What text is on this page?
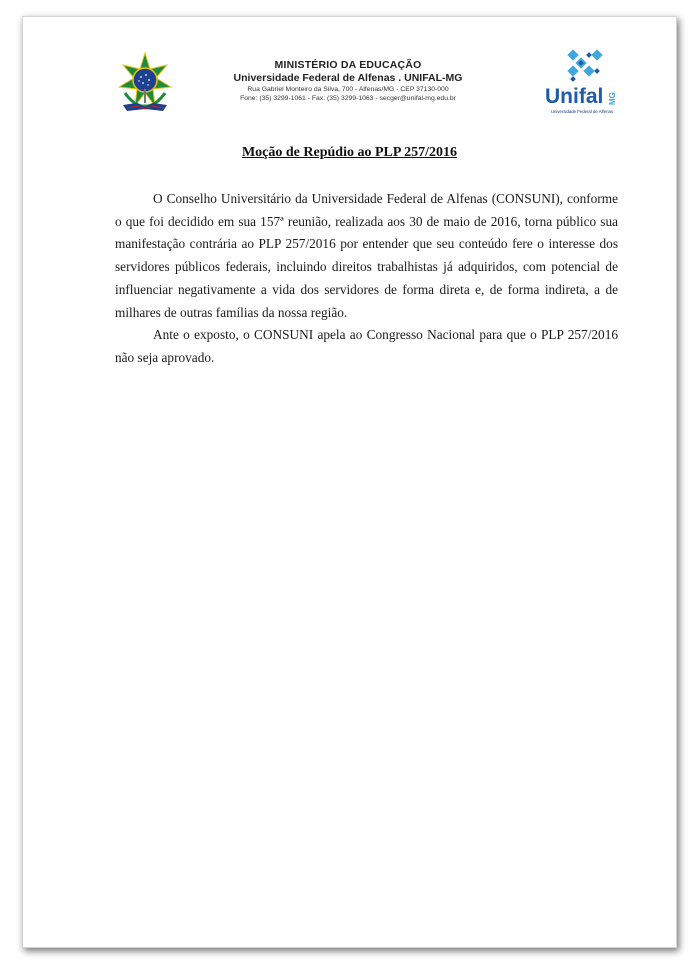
MINISTÉRIO DA EDUCAÇÃO
Universidade Federal de Alfenas . UNIFAL-MG
Rua Gabriel Monteiro da Silva, 700 - Alfenas/MG - CEP 37130-000
Fone: (35) 3299-1061 - Fax: (35) 3299-1063 - secger@unifal-mg.edu.br	Unifal MG
Universidade Federal de Alfenas
Moção de Repúdio ao PLP 257/2016

O Conselho Universitário da Universidade Federal de Alfenas (CONSUNI), conforme o que foi decidido em sua 157ª reunião, realizada aos 30 de maio de 2016, torna público sua manifestação contrária ao PLP 257/2016 por entender que seu conteúdo fere o interesse dos servidores públicos federais, incluindo direitos trabalhistas já adquiridos, com potencial de influenciar negativamente a vida dos servidores de forma direta e, de forma indireta, a de milhares de outras famílias da nossa região.

Ante o exposto, o CONSUNI apela ao Congresso Nacional para que o PLP 257/2016 não seja aprovado.
